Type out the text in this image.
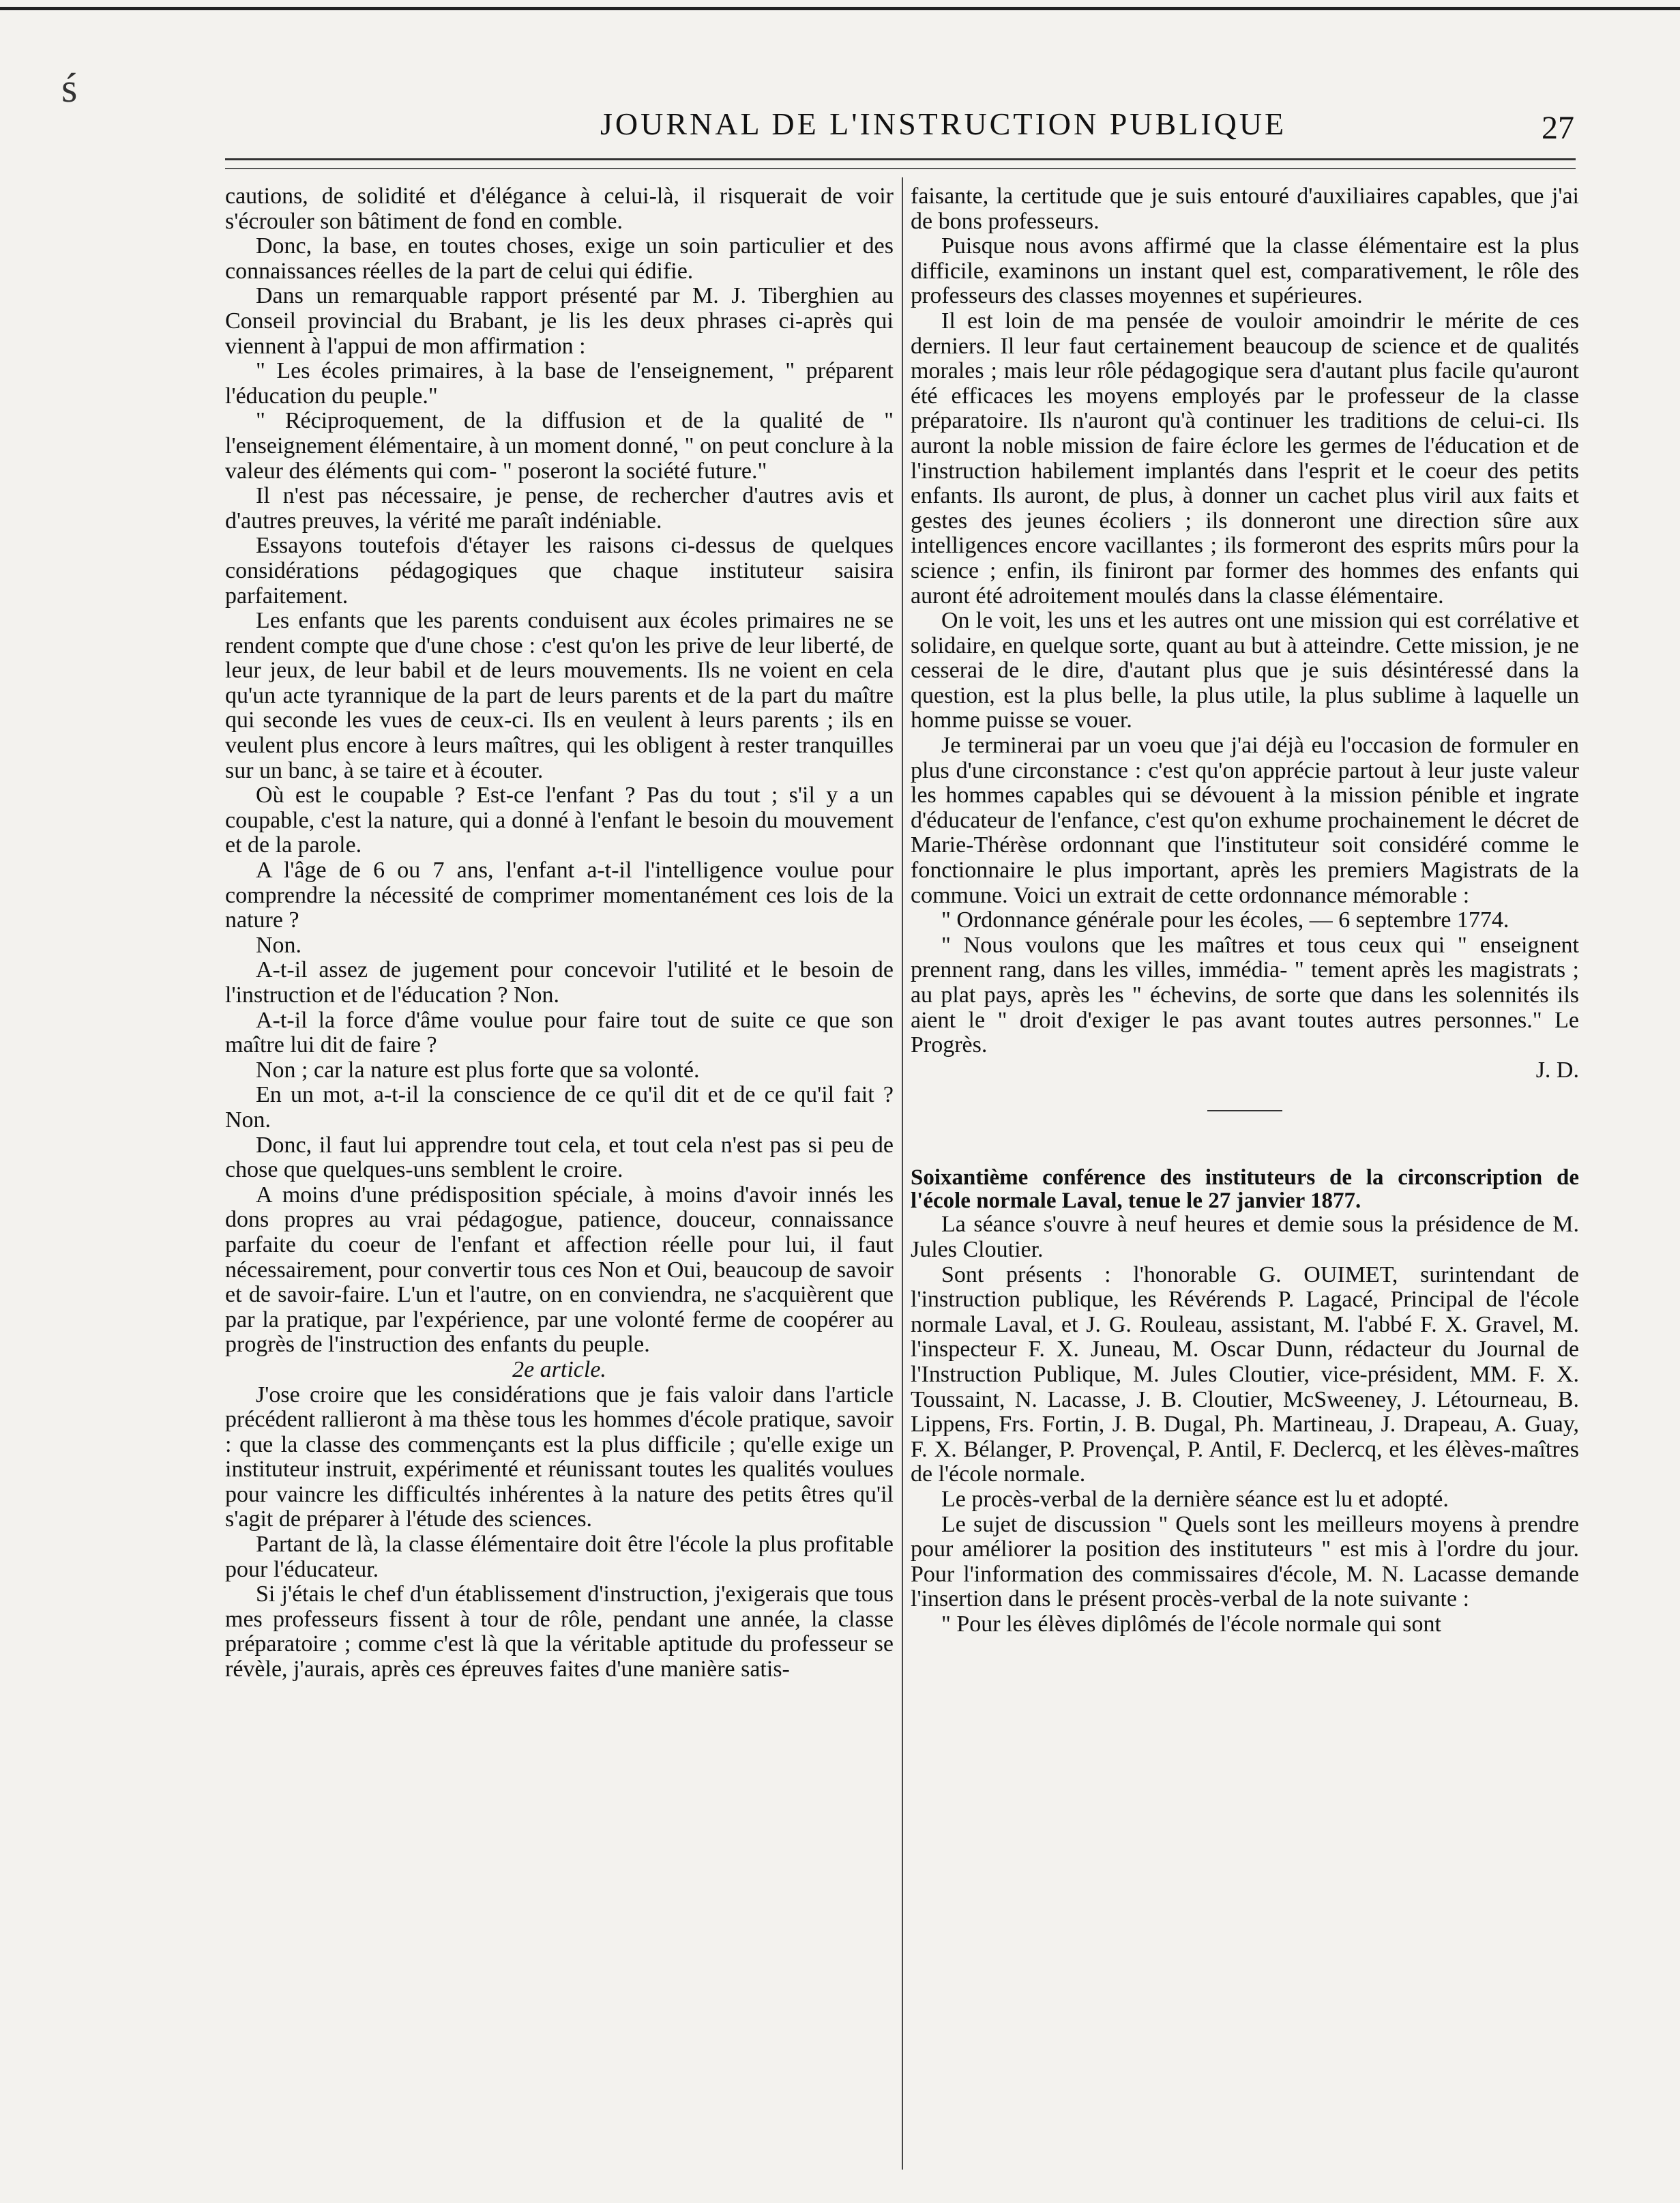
ś
JOURNAL DE L'INSTRUCTION PUBLIQUE	27

cautions, de solidité et d'élégance à celui-là, il risquerait de voir s'écrouler son bâtiment de fond en comble.

Donc, la base, en toutes choses, exige un soin particulier et des connaissances réelles de la part de celui qui édifie.

Dans un remarquable rapport présenté par M. J. Tiberghien au Conseil provincial du Brabant, je lis les deux phrases ci-après qui viennent à l'appui de mon affirmation :

" Les écoles primaires, à la base de l'enseignement, " préparent l'éducation du peuple."

" Réciproquement, de la diffusion et de la qualité de " l'enseignement élémentaire, à un moment donné, " on peut conclure à la valeur des éléments qui com- " poseront la société future."

Il n'est pas nécessaire, je pense, de rechercher d'autres avis et d'autres preuves, la vérité me paraît indéniable.

Essayons toutefois d'étayer les raisons ci-dessus de quelques considérations pédagogiques que chaque instituteur saisira parfaitement.

Les enfants que les parents conduisent aux écoles primaires ne se rendent compte que d'une chose : c'est qu'on les prive de leur liberté, de leur jeux, de leur babil et de leurs mouvements. Ils ne voient en cela qu'un acte tyrannique de la part de leurs parents et de la part du maître qui seconde les vues de ceux-ci. Ils en veulent à leurs parents ; ils en veulent plus encore à leurs maîtres, qui les obligent à rester tranquilles sur un banc, à se taire et à écouter.

Où est le coupable ? Est-ce l'enfant ? Pas du tout ; s'il y a un coupable, c'est la nature, qui a donné à l'enfant le besoin du mouvement et de la parole.

A l'âge de 6 ou 7 ans, l'enfant a-t-il l'intelligence voulue pour comprendre la nécessité de comprimer momentanément ces lois de la nature ?

Non.

A-t-il assez de jugement pour concevoir l'utilité et le besoin de l'instruction et de l'éducation ? Non.

A-t-il la force d'âme voulue pour faire tout de suite ce que son maître lui dit de faire ?

Non ; car la nature est plus forte que sa volonté.

En un mot, a-t-il la conscience de ce qu'il dit et de ce qu'il fait ? Non.

Donc, il faut lui apprendre tout cela, et tout cela n'est pas si peu de chose que quelques-uns semblent le croire.

A moins d'une prédisposition spéciale, à moins d'avoir innés les dons propres au vrai pédagogue, patience, douceur, connaissance parfaite du coeur de l'enfant et affection réelle pour lui, il faut nécessairement, pour convertir tous ces Non et Oui, beaucoup de savoir et de savoir-faire. L'un et l'autre, on en conviendra, ne s'acquièrent que par la pratique, par l'expérience, par une volonté ferme de coopérer au progrès de l'instruction des enfants du peuple.

2e article.

J'ose croire que les considérations que je fais valoir dans l'article précédent rallieront à ma thèse tous les hommes d'école pratique, savoir : que la classe des commençants est la plus difficile ; qu'elle exige un instituteur instruit, expérimenté et réunissant toutes les qualités voulues pour vaincre les difficultés inhérentes à la nature des petits êtres qu'il s'agit de préparer à l'étude des sciences.

Partant de là, la classe élémentaire doit être l'école la plus profitable pour l'éducateur.

Si j'étais le chef d'un établissement d'instruction, j'exigerais que tous mes professeurs fissent à tour de rôle, pendant une année, la classe préparatoire ; comme c'est là que la véritable aptitude du professeur se révèle, j'aurais, après ces épreuves faites d'une manière satis-

faisante, la certitude que je suis entouré d'auxiliaires capables, que j'ai de bons professeurs.

Puisque nous avons affirmé que la classe élémentaire est la plus difficile, examinons un instant quel est, comparativement, le rôle des professeurs des classes moyennes et supérieures.

Il est loin de ma pensée de vouloir amoindrir le mérite de ces derniers. Il leur faut certainement beaucoup de science et de qualités morales ; mais leur rôle pédagogique sera d'autant plus facile qu'auront été efficaces les moyens employés par le professeur de la classe préparatoire. Ils n'auront qu'à continuer les traditions de celui-ci. Ils auront la noble mission de faire éclore les germes de l'éducation et de l'instruction habilement implantés dans l'esprit et le coeur des petits enfants. Ils auront, de plus, à donner un cachet plus viril aux faits et gestes des jeunes écoliers ; ils donneront une direction sûre aux intelligences encore vacillantes ; ils formeront des esprits mûrs pour la science ; enfin, ils finiront par former des hommes des enfants qui auront été adroitement moulés dans la classe élémentaire.

On le voit, les uns et les autres ont une mission qui est corrélative et solidaire, en quelque sorte, quant au but à atteindre. Cette mission, je ne cesserai de le dire, d'autant plus que je suis désintéressé dans la question, est la plus belle, la plus utile, la plus sublime à laquelle un homme puisse se vouer.

Je terminerai par un voeu que j'ai déjà eu l'occasion de formuler en plus d'une circonstance : c'est qu'on apprécie partout à leur juste valeur les hommes capables qui se dévouent à la mission pénible et ingrate d'éducateur de l'enfance, c'est qu'on exhume prochainement le décret de Marie-Thérèse ordonnant que l'instituteur soit considéré comme le fonctionnaire le plus important, après les premiers Magistrats de la commune. Voici un extrait de cette ordonnance mémorable :

" Ordonnance générale pour les écoles, — 6 septembre 1774.

" Nous voulons que les maîtres et tous ceux qui " enseignent prennent rang, dans les villes, immédia- " tement après les magistrats ; au plat pays, après les " échevins, de sorte que dans les solennités ils aient le " droit d'exiger le pas avant toutes autres personnes." Le Progrès.

J. D.

Soixantième conférence des instituteurs de la circonscription de l'école normale Laval, tenue le 27 janvier 1877.

La séance s'ouvre à neuf heures et demie sous la présidence de M. Jules Cloutier.

Sont présents : l'honorable G. OUIMET, surintendant de l'instruction publique, les Révérends P. Lagacé, Principal de l'école normale Laval, et J. G. Rouleau, assistant, M. l'abbé F. X. Gravel, M. l'inspecteur F. X. Juneau, M. Oscar Dunn, rédacteur du Journal de l'Instruction Publique, M. Jules Cloutier, vice-président, MM. F. X. Toussaint, N. Lacasse, J. B. Cloutier, McSweeney, J. Létourneau, B. Lippens, Frs. Fortin, J. B. Dugal, Ph. Martineau, J. Drapeau, A. Guay, F. X. Bélanger, P. Provençal, P. Antil, F. Declercq, et les élèves-maîtres de l'école normale.

Le procès-verbal de la dernière séance est lu et adopté.

Le sujet de discussion " Quels sont les meilleurs moyens à prendre pour améliorer la position des instituteurs " est mis à l'ordre du jour. Pour l'information des commissaires d'école, M. N. Lacasse demande l'insertion dans le présent procès-verbal de la note suivante :

" Pour les élèves diplômés de l'école normale qui sont
